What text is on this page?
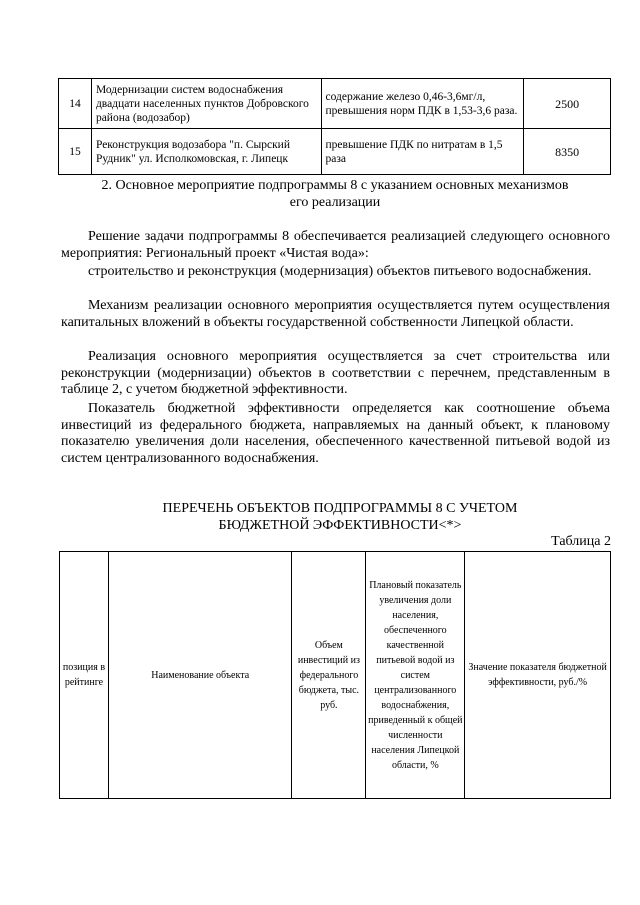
14	Модернизации систем водоснабжения двадцати населенных пунктов Добровского района (водозабор)	содержание железо 0,46-3,6мг/л, превышения норм ПДК в 1,53-3,6 раза.	2500
15	Реконструкция водозабора "п. Сырский Рудник" ул. Исполкомовская, г. Липецк	превышение ПДК по нитратам в 1,5 раза	8350
2. Основное мероприятие подпрограммы 8 с указанием основных механизмов его реализации
Решение задачи подпрограммы 8 обеспечивается реализацией следующего основного мероприятия: Региональный проект «Чистая вода»:
строительство и реконструкция (модернизация) объектов питьевого водоснабжения.
Механизм реализации основного мероприятия осуществляется путем осуществления капитальных вложений в объекты государственной собственности Липецкой области.
Реализация основного мероприятия осуществляется за счет строительства или реконструкции (модернизации) объектов в соответствии с перечнем, представленным в таблице 2, с учетом бюджетной эффективности.
Показатель бюджетной эффективности определяется как соотношение объема инвестиций из федерального бюджета, направляемых на данный объект, к плановому показателю увеличения доли населения, обеспеченного качественной питьевой водой из систем централизованного водоснабжения.
ПЕРЕЧЕНЬ ОБЪЕКТОВ ПОДПРОГРАММЫ 8 С УЧЕТОМ БЮДЖЕТНОЙ ЭФФЕКТИВНОСТИ<*>
Таблица 2
позиция в рейтинге	Наименование объекта	Объем инвестиций из федерального бюджета, тыс. руб.	Плановый показатель увеличения доли населения, обеспеченного качественной питьевой водой из систем централизованного водоснабжения, приведенный к общей численности населения Липецкой области, %	Значение показателя бюджетной эффективности, руб./%
